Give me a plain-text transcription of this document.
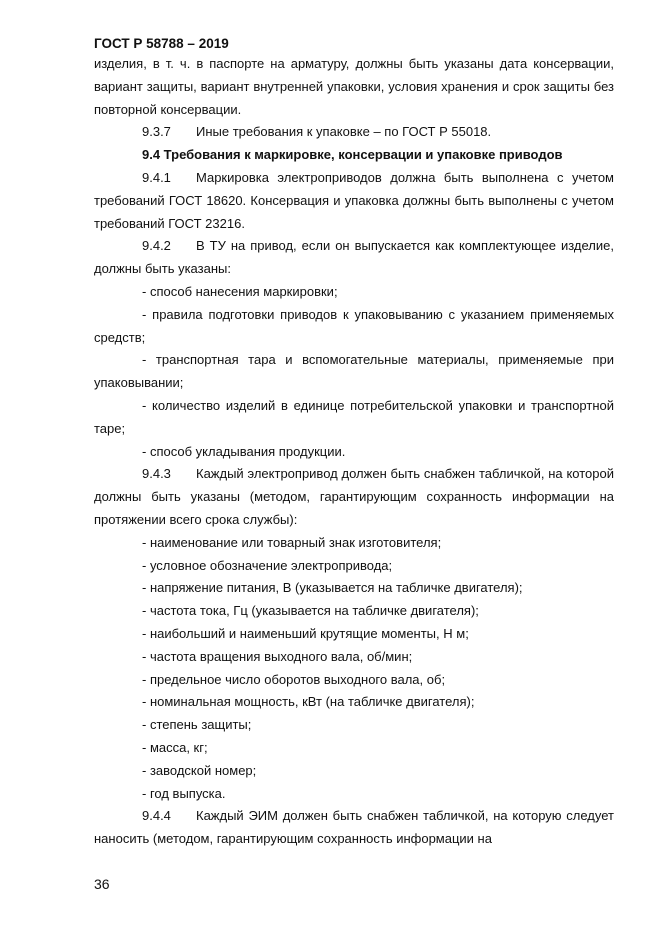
ГОСТ Р 58788 – 2019

изделия, в т. ч. в паспорте на арматуру, должны быть указаны дата консервации, вариант защиты, вариант внутренней упаковки, условия хранения и срок защиты без повторной консервации.

9.3.7 Иные требования к упаковке – по ГОСТ Р 55018.

9.4 Требования к маркировке, консервации и упаковке приводов

9.4.1 Маркировка электроприводов должна быть выполнена с учетом требований ГОСТ 18620. Консервация и упаковка должны быть выполнены с учетом требований ГОСТ 23216.

9.4.2 В ТУ на привод, если он выпускается как комплектующее изделие, должны быть указаны:

- способ нанесения маркировки;

- правила подготовки приводов к упаковыванию с указанием применяемых средств;

- транспортная тара и вспомогательные материалы, применяемые при упаковывании;

- количество изделий в единице потребительской упаковки и транспортной таре;

- способ укладывания продукции.

9.4.3 Каждый электропривод должен быть снабжен табличкой, на которой должны быть указаны (методом, гарантирующим сохранность информации на протяжении всего срока службы):

- наименование или товарный знак изготовителя;

- условное обозначение электропривода;

- напряжение питания, В (указывается на табличке двигателя);

- частота тока, Гц (указывается на табличке двигателя);

- наибольший и наименьший крутящие моменты, Н м;

- частота вращения выходного вала, об/мин;

- предельное число оборотов выходного вала, об;

- номинальная мощность, кВт (на табличке двигателя);

- степень защиты;

- масса, кг;

- заводской номер;

- год выпуска.

9.4.4 Каждый ЭИМ должен быть снабжен табличкой, на которую следует наносить (методом, гарантирующим сохранность информации на

36
